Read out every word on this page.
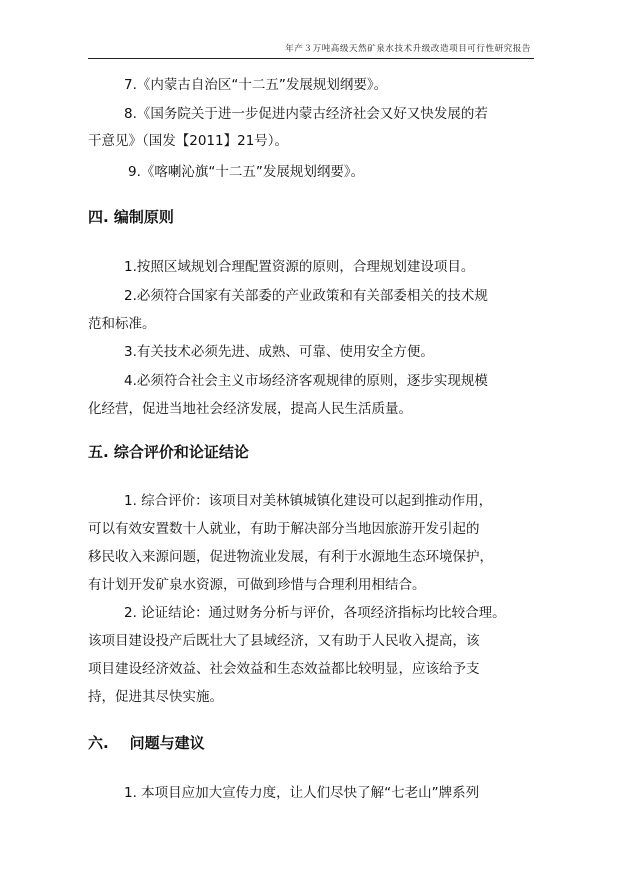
年产３万吨高级天然矿泉水技术升级改造项目可行性研究报告

7.《内蒙古自治区“十二五”发展规划纲要》。

8.《国务院关于进一步促进内蒙古经济社会又好又快发展的若

干意见》（国发【2011】21号）。

9.《喀喇沁旗“十二五”发展规划纲要》。

四. 编制原则

1.按照区域规划合理配置资源的原则，合理规划建设项目。

2.必须符合国家有关部委的产业政策和有关部委相关的技术规

范和标准。

3.有关技术必须先进、成熟、可靠、使用安全方便。

4.必须符合社会主义市场经济客观规律的原则，逐步实现规模

化经营，促进当地社会经济发展，提高人民生活质量。

五. 综合评价和论证结论

1. 综合评价：该项目对美林镇城镇化建设可以起到推动作用，

可以有效安置数十人就业，有助于解决部分当地因旅游开发引起的

移民收入来源问题，促进物流业发展，有利于水源地生态环境保护，

有计划开发矿泉水资源，可做到珍惜与合理利用相结合。

2. 论证结论：通过财务分析与评价，各项经济指标均比较合理。

该项目建设投产后既壮大了县域经济，又有助于人民收入提高，该

项目建设经济效益、社会效益和生态效益都比较明显，应该给予支

持，促进其尽快实施。

六.    问题与建议

1. 本项目应加大宣传力度，让人们尽快了解“七老山”牌系列
